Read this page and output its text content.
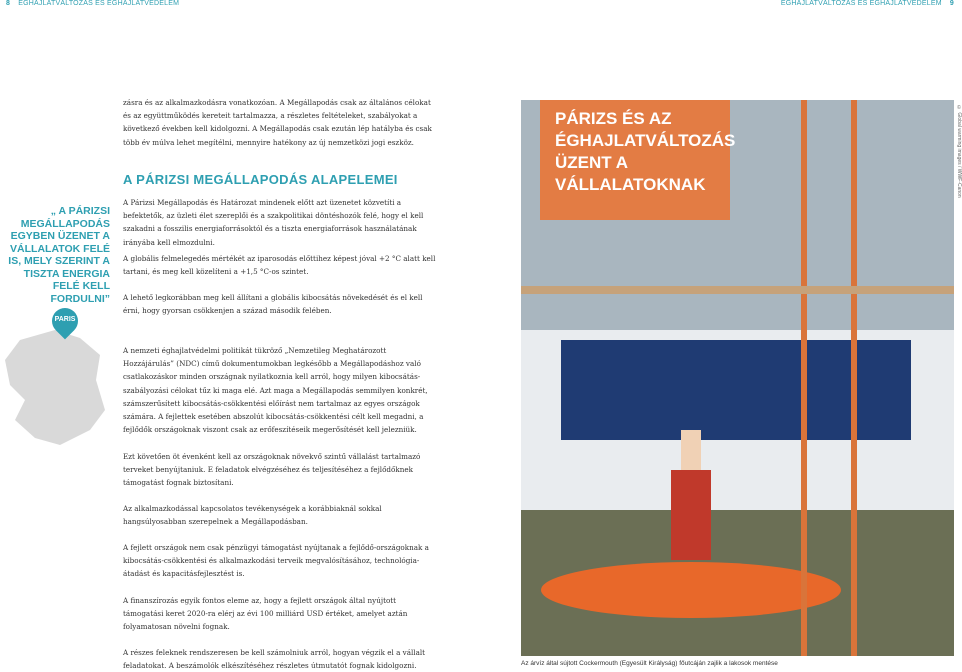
8 ÉGHAJLATVÁLTOZÁS ÉS ÉGHAJLATVÉDELEM	ÉGHAJLATVÁLTOZÁS ÉS ÉGHAJLATVÉDELEM 9
„ A PÁRIZSI MEGÁLLAPODÁS EGYBEN ÜZENET A VÁLLALATOK FELÉ IS, MELY SZERINT A TISZTA ENERGIA FELÉ KELL FORDULNI”
PARIS

zásra és az alkalmazkodásra vonatkozóan. A Megállapodás csak az általános célokat és az együttműködés kereteit tartalmazza, a részletes feltételeket, szabályokat a következő években kell kidolgozni. A Megállapodás csak ezután lép hatályba és csak több év múlva lehet megítélni, mennyire hatékony az új nemzetközi jogi eszköz.

A PÁRIZSI MEGÁLLAPODÁS ALAPELEMEI

A Párizsi Megállapodás és Határozat mindenek előtt azt üzenetet közvetíti a befektetők, az üzleti élet szereplői és a szakpolitikai döntéshozók felé, hogy el kell szakadni a fosszilis energiaforrásoktól és a tiszta energiaforrások használatának irányába kell elmozdulni.

A globális felmelegedés mértékét az iparosodás előttihez képest jóval +2 °C alatt kell tartani, és meg kell közelíteni a +1,5 °C-os szintet.

A lehető legkorábban meg kell állítani a globális kibocsátás növekedését és el kell érni, hogy gyorsan csökkenjen a század második felében.

A nemzeti éghajlatvédelmi politikát tükröző „Nemzetileg Meghatározott Hozzájárulás” (NDC) című dokumentumokban legkésőbb a Megállapodáshoz való csatlakozáskor minden országnak nyilatkoznia kell arról, hogy milyen kibocsátás-szabályozási célokat tűz ki maga elé. Azt maga a Megállapodás semmilyen konkrét, számszerűsített kibocsátás-csökkentési előírást nem tartalmaz az egyes országok számára. A fejlettek esetében abszolút kibocsátás-csökkentési célt kell megadni, a fejlődők országoknak viszont csak az erőfeszítéseik megerősítését kell jelezniük.

Ezt követően öt évenként kell az országoknak növekvő szintű vállalást tartalmazó terveket benyújtaniuk. E feladatok elvégzéséhez és teljesítéséhez a fejlődőknek támogatást fognak biztosítani.

Az alkalmazkodással kapcsolatos tevékenységek a korábbiaknál sokkal hangsúlyosabban szerepelnek a Megállapodásban.

A fejlett országok nem csak pénzügyi támogatást nyújtanak a fejlődő-országoknak a kibocsátás-csökkentési és alkalmazkodási terveik megvalósításához, technológia-átadást és kapacitásfejlesztést is.

A finanszírozás egyik fontos eleme az, hogy a fejlett országok által nyújtott támogatási keret 2020-ra elérj az évi 100 milliárd USD értéket, amelyet aztán folyamatosan növelni fognak.

A részes feleknek rendszeresen be kell számolniuk arról, hogyan végzik el a vállalt feladatokat. A beszámolók elkészítéséhez részletes útmutatót fognak kidolgozni.

PÁRIZS ÉS AZ ÉGHAJLATVÁLTOZÁS ÜZENT A VÁLLALATOKNAK	© Global warming images / WWF-Canon
Az árvíz által sújtott Cockermouth (Egyesült Királyság) főutcáján zajlik a lakosok mentése
